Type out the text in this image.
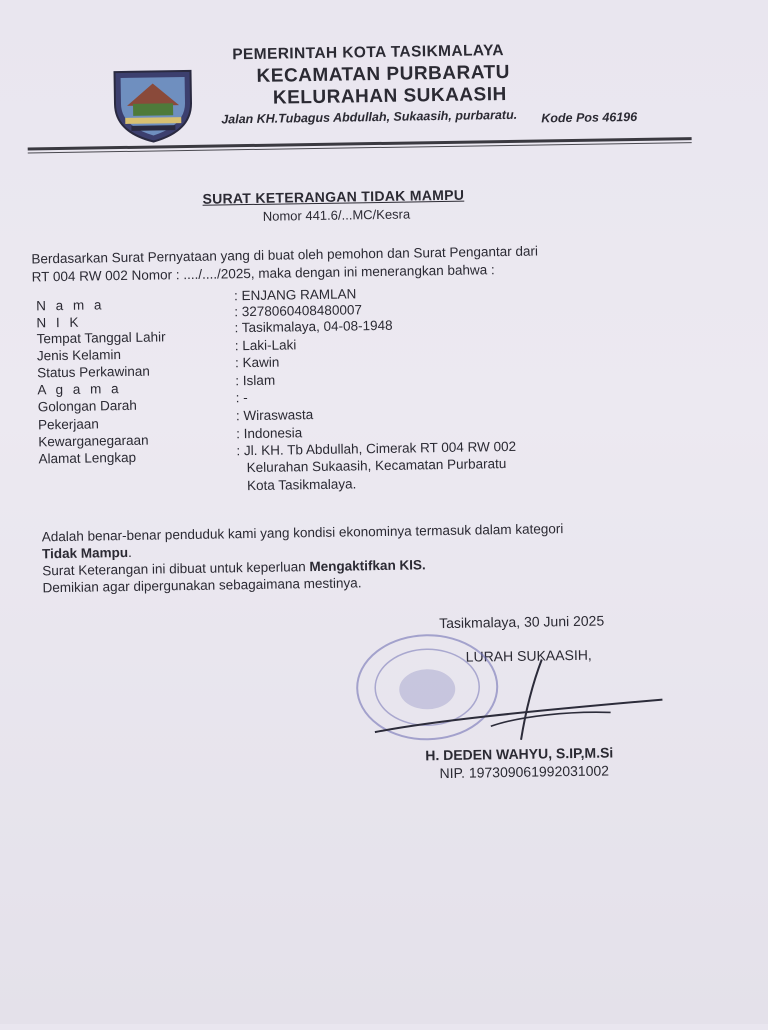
PEMERINTAH KOTA TASIKMALAYA
KECAMATAN PURBARATU
KELURAHAN SUKAASIH
Jalan KH.Tubagus Abdullah, Sukaasih, purbaratu. Kode Pos 46196
SURAT KETERANGAN TIDAK MAMPU
Nomor 441.6/...MC/Kesra
Berdasarkan Surat Pernyataan yang di buat oleh pemohon dan Surat Pengantar dari
RT 004 RW 002 Nomor : ..../..../2025, maka dengan ini menerangkan bahwa :
N a m a
: ENJANG RAMLAN
N I K
: 3278060408480007
Tempat Tanggal Lahir
: Tasikmalaya, 04-08-1948
Jenis Kelamin
: Laki-Laki
Status Perkawinan
: Kawin
A g a m a
: Islam
Golongan Darah
: -
Pekerjaan
: Wiraswasta
Kewarganegaraan	: Indonesia
Alamat Lengkap	: Jl. KH. Tb Abdullah, Cimerak RT 004 RW 002
Kelurahan Sukaasih, Kecamatan Purbaratu
Kota Tasikmalaya.
Adalah benar-benar penduduk kami yang kondisi ekonominya termasuk dalam kategori
Tidak Mampu.
Surat Keterangan ini dibuat untuk keperluan Mengaktifkan KIS.
Demikian agar dipergunakan sebagaimana mestinya.
Tasikmalaya, 30 Juni 2025
LURAH SUKAASIH,
H. DEDEN WAHYU, S.IP,M.Si
NIP. 197309061992031002
